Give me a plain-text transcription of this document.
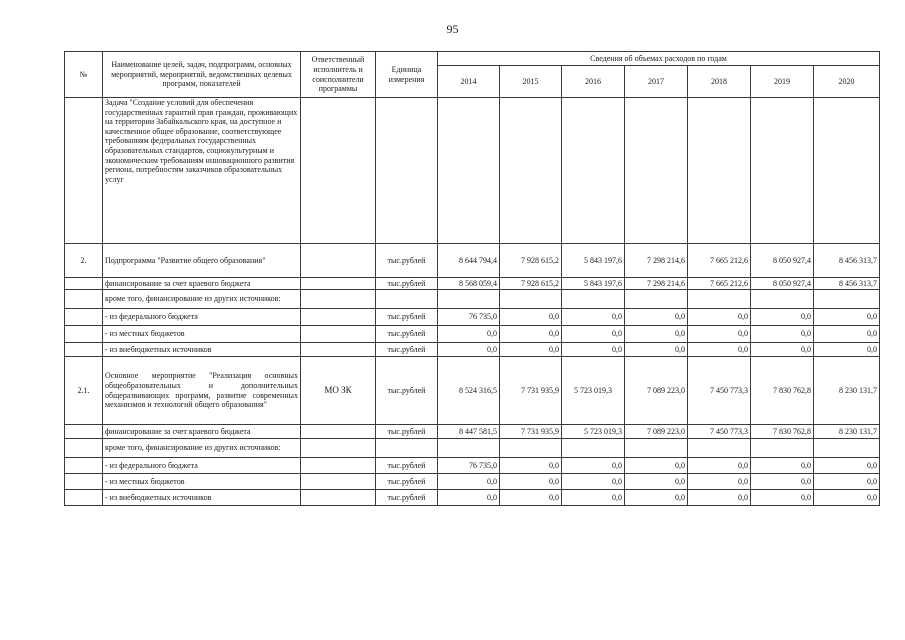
95
№	Наименование целей, задач, подпрограмм, основных мероприятий, мероприятий, ведомственных целевых программ, показателей	Ответственный исполнитель и соисполнители программы	Единица измерения	Сведения об объемах расходов по годам						
				2014	2015	2016	2017	2018	2019	2020
	Задача "Создание условий для обеспечения государственных гарантий прав граждан, проживающих на территории Забайкальского края, на доступное и качественное общее образование, соответствующее требованиям федеральных государственных образовательных стандартов, социокультурным и экономическим требованиям инновационного развития региона, потребностям заказчиков образовательных услуг									
2.	Подпрограмма "Развитие общего образования"		тыс.рублей	8 644 794,4	7 928 615,2	5 843 197,6	7 298 214,6	7 665 212,6	8 050 927,4	8 456 313,7
	финансирование за счет краевого бюджета		тыс.рублей	8 568 059,4	7 928 615,2	5 843 197,6	7 298 214,6	7 665 212,6	8 050 927,4	8 456 313,7
	кроме того, финансирование из других источников:									
	- из федерального бюджета		тыс.рублей	76 735,0	0,0	0,0	0,0	0,0	0,0	0,0
	- из местных бюджетов		тыс.рублей	0,0	0,0	0,0	0,0	0,0	0,0	0,0
	- из внебюджетных источников		тыс.рублей	0,0	0,0	0,0	0,0	0,0	0,0	0,0
2.1.	Основное мероприятие "Реализация основных общеобразовательных и дополнительных общеразвивающих программ, развитие современных механизмов и технологий общего образования"	МО ЗК	тыс.рублей	8 524 316,5	7 731 935,9	5 723 019,3	7 089 223,0	7 450 773,3	7 830 762,8	8 230 131,7
	финансирование за счет краевого бюджета		тыс.рублей	8 447 581,5	7 731 935,9	5 723 019,3	7 089 223,0	7 450 773,3	7 830 762,8	8 230 131,7
	кроме того, финансирование из других источников:									
	- из федерального бюджета		тыс.рублей	76 735,0	0,0	0,0	0,0	0,0	0,0	0,0
	- из местных бюджетов		тыс.рублей	0,0	0,0	0,0	0,0	0,0	0,0	0,0
	- из внебюджетных источников		тыс.рублей	0,0	0,0	0,0	0,0	0,0	0,0	0,0
